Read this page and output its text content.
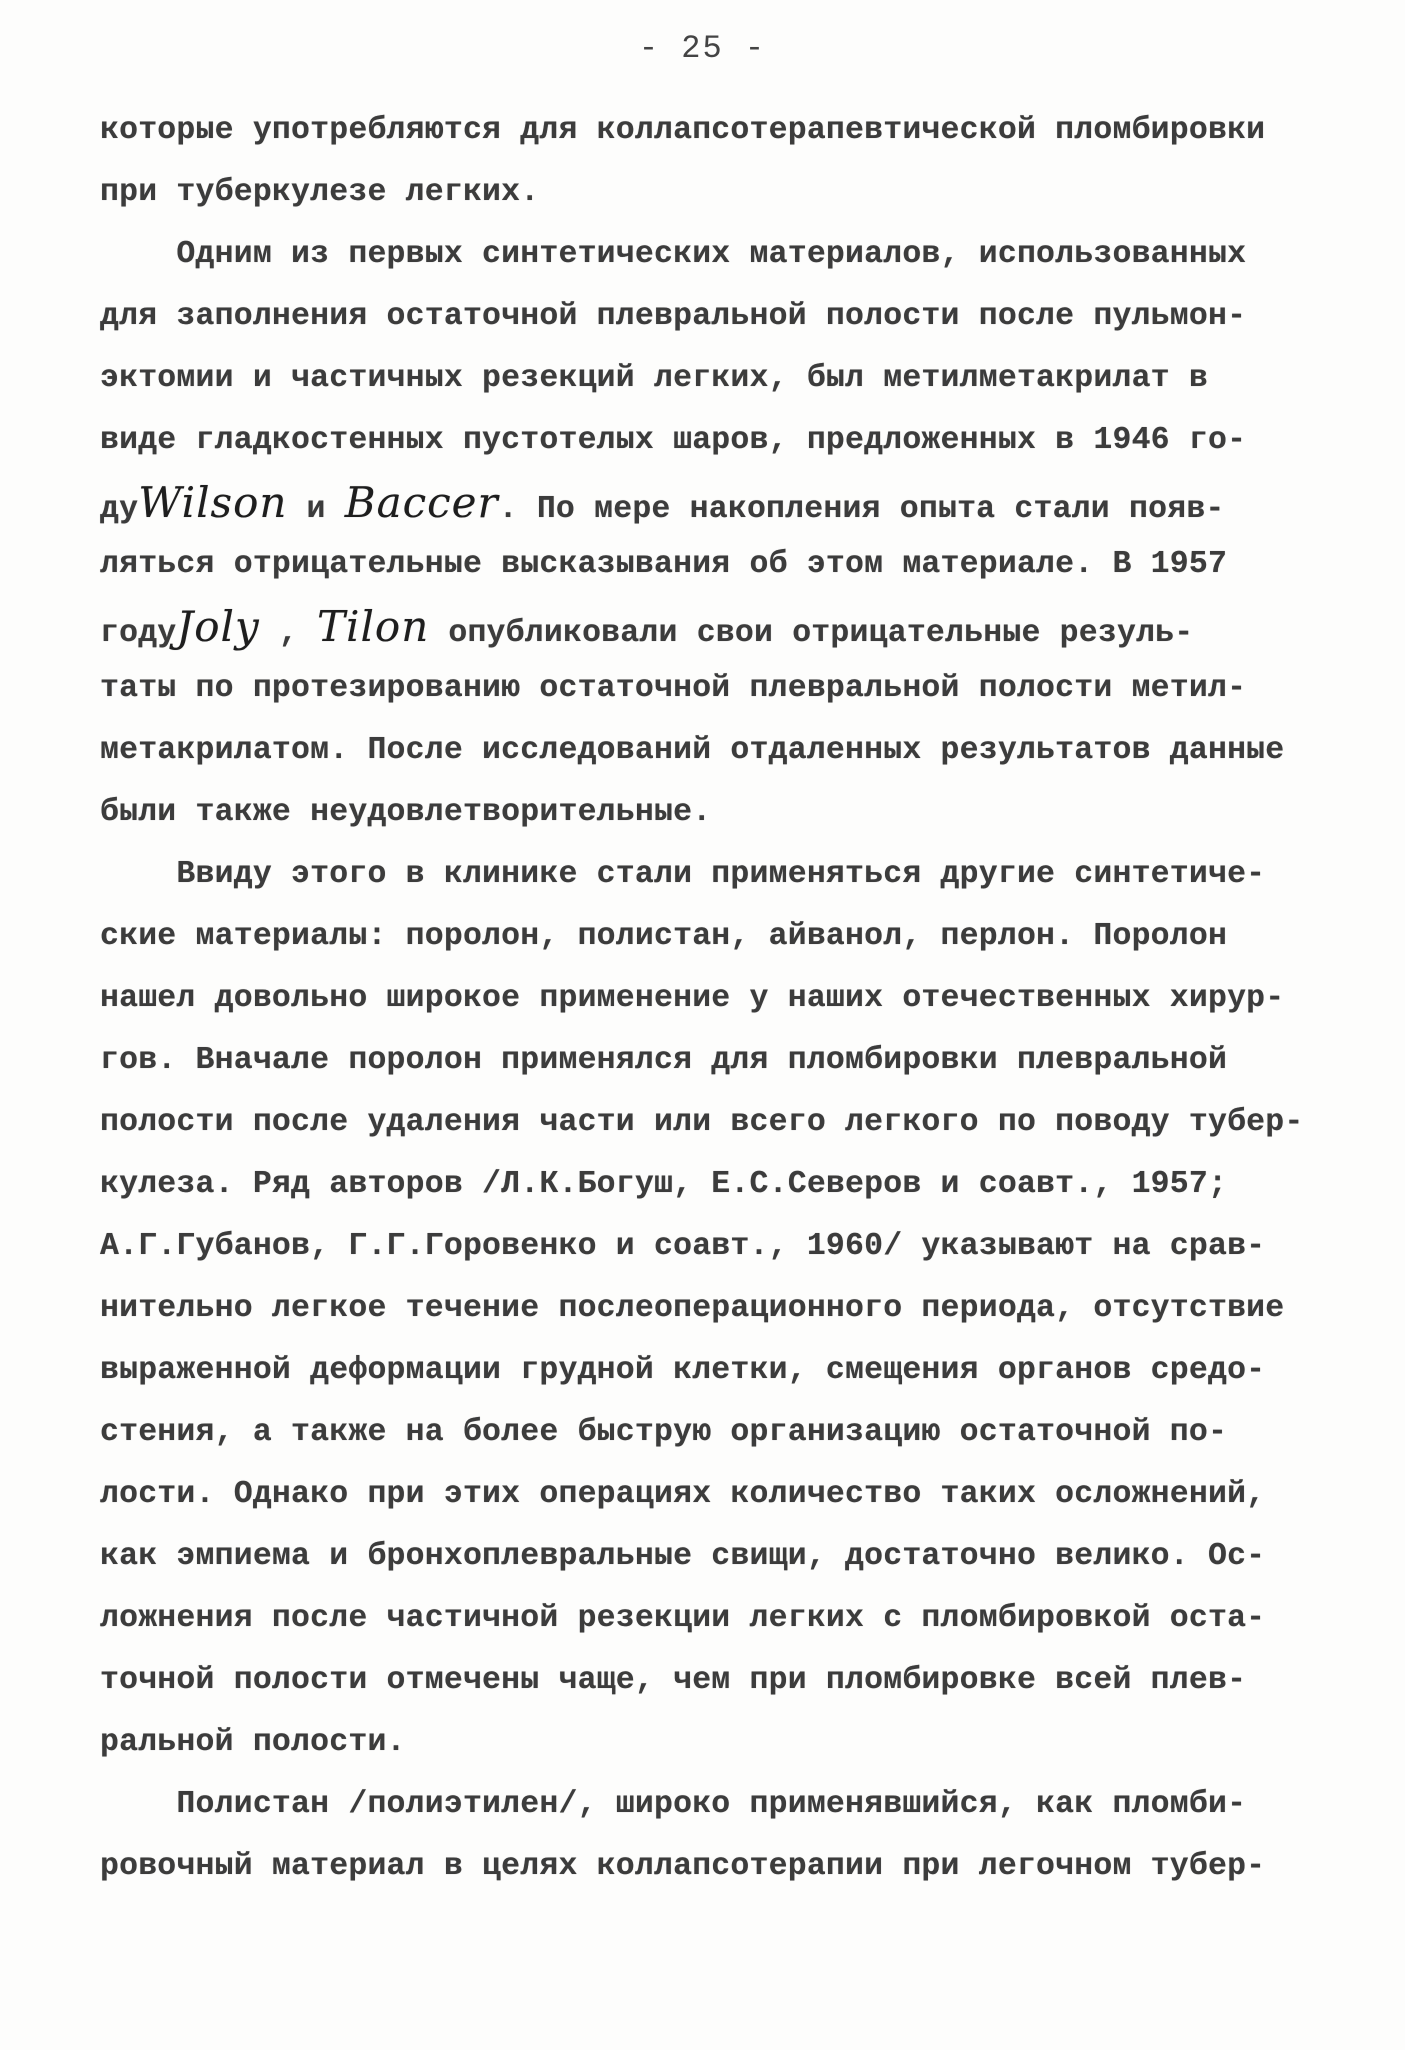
- 25 -
которые употребляются для коллапсотерапевтической пломбировки
при туберкулезе легких.
Одним из первых синтетических материалов, использованных
для заполнения остаточной плевральной полости после пульмон-
эктомии и частичных резекций легких, был метилметакрилат в
виде гладкостенных пустотелых шаров, предложенных в 1946 го-
дуWilson и Baccer. По мере накопления опыта стали появ-
ляться отрицательные высказывания об этом материале. В 1957
годуJoly , Tilon опубликовали свои отрицательные резуль-
таты по протезированию остаточной плевральной полости метил-
метакрилатом. После исследований отдаленных результатов данные
были также неудовлетворительные.
Ввиду этого в клинике стали применяться другие синтетиче-
ские материалы: поролон, полистан, айванол, перлон. Поролон
нашел довольно широкое применение у наших отечественных хирур-
гов. Вначале поролон применялся для пломбировки плевральной
полости после удаления части или всего легкого по поводу тубер-
кулеза. Ряд авторов /Л.К.Богуш, Е.С.Северов и соавт., 1957;
А.Г.Губанов, Г.Г.Горовенко и соавт., 1960/ указывают на срав-
нительно легкое течение послеоперационного периода, отсутствие
выраженной деформации грудной клетки, смещения органов средо-
стения, а также на более быструю организацию остаточной по-
лости. Однако при этих операциях количество таких осложнений,
как эмпиема и бронхоплевральные свищи, достаточно велико. Ос-
ложнения после частичной резекции легких с пломбировкой оста-
точной полости отмечены чаще, чем при пломбировке всей плев-
ральной полости.
Полистан /полиэтилен/, широко применявшийся, как пломби-
ровочный материал в целях коллапсотерапии при легочном тубер-
